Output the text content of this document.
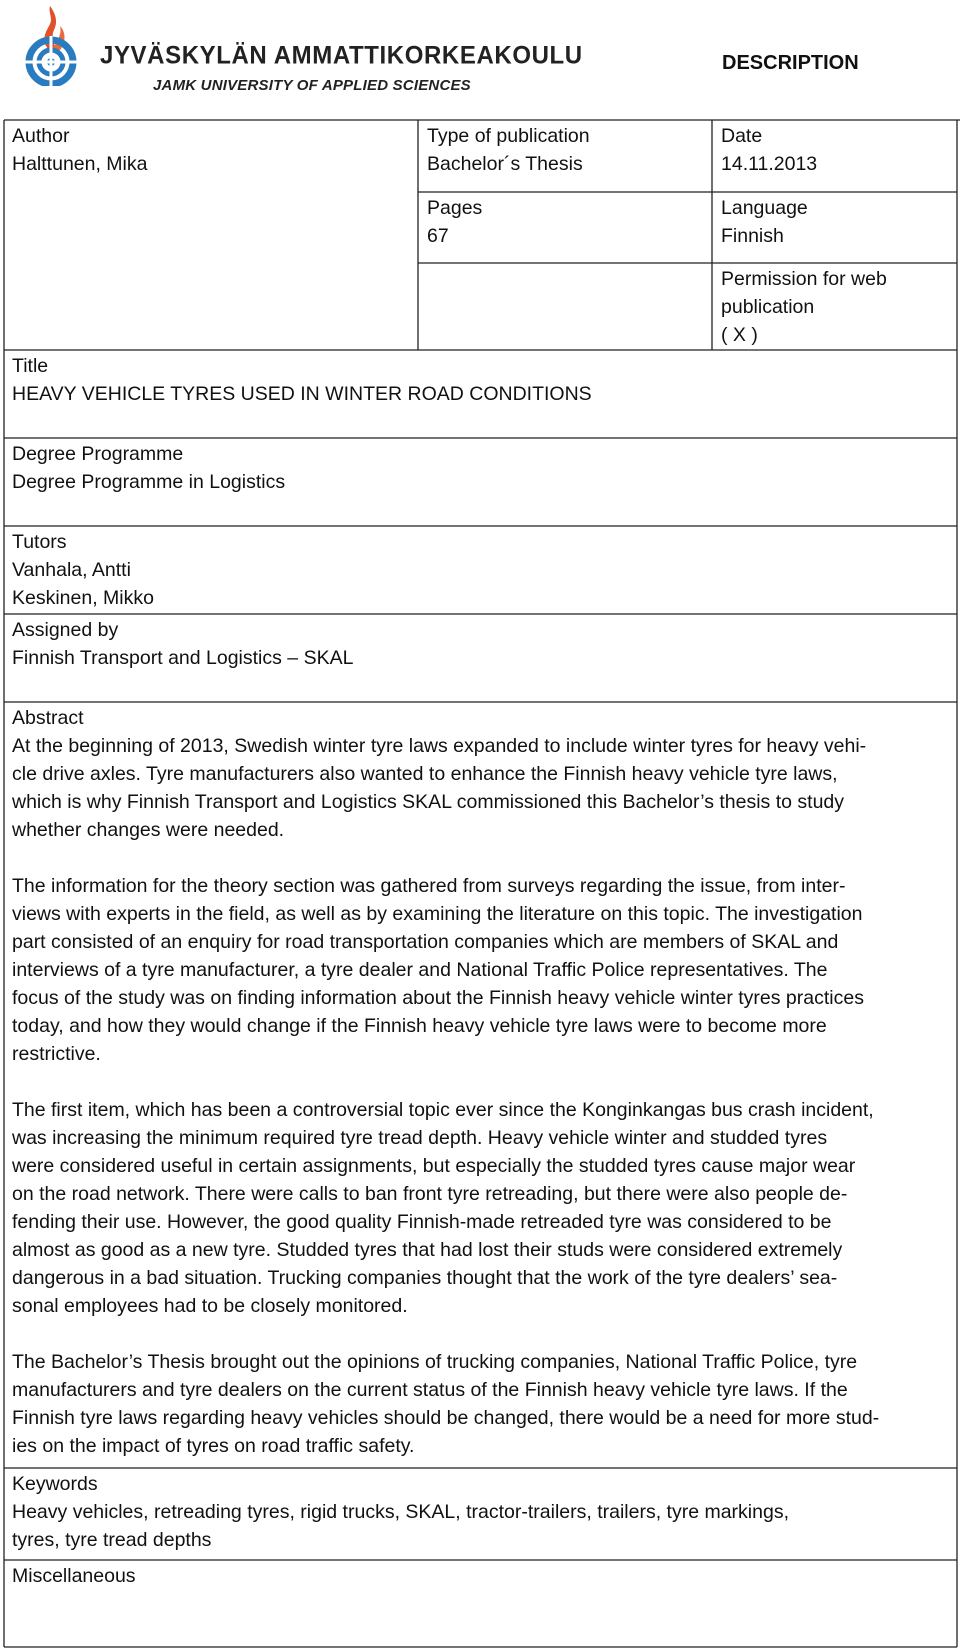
JYVÄSKYLÄN AMMATTIKORKEAKOULU
JAMK UNIVERSITY OF APPLIED SCIENCES
DESCRIPTION
Author
Halttunen, Mika
Type of publication
Bachelor´s Thesis
Date
14.11.2013
Pages
67
Language
Finnish
Permission for web
publication
( X )
Title
HEAVY VEHICLE TYRES USED IN WINTER ROAD CONDITIONS
Degree Programme
Degree Programme in Logistics
Tutors
Vanhala, Antti
Keskinen, Mikko
Assigned by
Finnish Transport and Logistics – SKAL
Abstract
At the beginning of 2013, Swedish winter tyre laws expanded to include winter tyres for heavy vehi-
cle drive axles. Tyre manufacturers also wanted to enhance the Finnish heavy vehicle tyre laws,
which is why Finnish Transport and Logistics SKAL commissioned this Bachelor’s thesis to study
whether changes were needed.
The information for the theory section was gathered from surveys regarding the issue, from inter-
views with experts in the field, as well as by examining the literature on this topic. The investigation
part consisted of an enquiry for road transportation companies which are members of SKAL and
interviews of a tyre manufacturer, a tyre dealer and National Traffic Police representatives. The
focus of the study was on finding information about the Finnish heavy vehicle winter tyres practices
today, and how they would change if the Finnish heavy vehicle tyre laws were to become more
restrictive.
The first item, which has been a controversial topic ever since the Konginkangas bus crash incident,
was increasing the minimum required tyre tread depth. Heavy vehicle winter and studded tyres
were considered useful in certain assignments, but especially the studded tyres cause major wear
on the road network. There were calls to ban front tyre retreading, but there were also people de-
fending their use. However, the good quality Finnish-made retreaded tyre was considered to be
almost as good as a new tyre. Studded tyres that had lost their studs were considered extremely
dangerous in a bad situation. Trucking companies thought that the work of the tyre dealers’ sea-
sonal employees had to be closely monitored.
The Bachelor’s Thesis brought out the opinions of trucking companies, National Traffic Police, tyre
manufacturers and tyre dealers on the current status of the Finnish heavy vehicle tyre laws. If the
Finnish tyre laws regarding heavy vehicles should be changed, there would be a need for more stud-
ies on the impact of tyres on road traffic safety.
Keywords
Heavy vehicles, retreading tyres, rigid trucks, SKAL, tractor-trailers, trailers, tyre markings,
tyres, tyre tread depths
Miscellaneous
